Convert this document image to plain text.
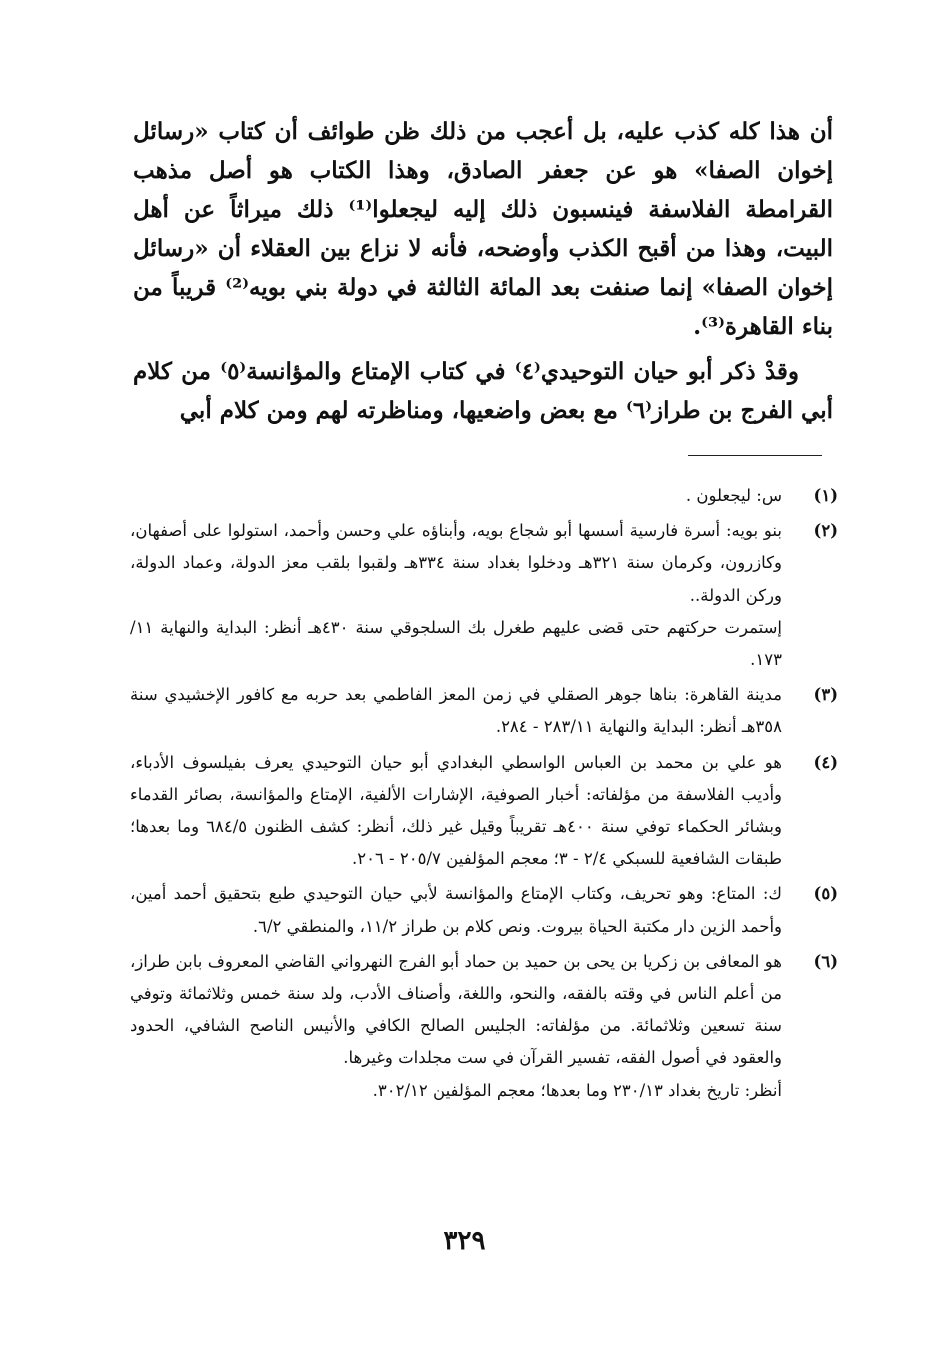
أن هذا كله كذب عليه، بل أعجب من ذلك ظن طوائف أن كتاب «رسائل إخوان الصفا» هو عن جعفر الصادق، وهذا الكتاب هو أصل مذهب القرامطة الفلاسفة فينسبون ذلك إليه ليجعلوا⁽¹⁾ ذلك ميراثاً عن أهل البيت، وهذا من أقبح الكذب وأوضحه، فأنه لا نزاع بين العقلاء أن «رسائل إخوان الصفا» إنما صنفت بعد المائة الثالثة في دولة بني بويه⁽²⁾ قريباً من بناء القاهرة⁽³⁾.

وقدْ ذكر أبو حيان التوحيدي⁽٤⁾ في كتاب الإمتاع والمؤانسة⁽٥⁾ من كلام أبي الفرج بن طراز⁽٦⁾ مع بعض واضعيها، ومناظرته لهم ومن كلام أبي

(١)

س: ليجعلون .

(٢)

بنو بويه: أسرة فارسية أسسها أبو شجاع بويه، وأبناؤه علي وحسن وأحمد، استولوا على أصفهان، وكازرون، وكرمان سنة ٣٢١هـ ودخلوا بغداد سنة ٣٣٤هـ ولقبوا بلقب معز الدولة، وعماد الدولة، وركن الدولة..

إستمرت حركتهم حتى قضى عليهم طغرل بك السلجوقي سنة ٤٣٠هـ أنظر: البداية والنهاية ١١/ ١٧٣.

(٣)

مدينة القاهرة: بناها جوهر الصقلي في زمن المعز الفاطمي بعد حربه مع كافور الإخشيدي سنة ٣٥٨هـ أنظر: البداية والنهاية ٢٨٣/١١ - ٢٨٤.

(٤)

هو علي بن محمد بن العباس الواسطي البغدادي أبو حيان التوحيدي يعرف بفيلسوف الأدباء، وأديب الفلاسفة من مؤلفاته: أخبار الصوفية، الإشارات الألفية، الإمتاع والمؤانسة، بصائر القدماء وبشائر الحكماء توفي سنة ٤٠٠هـ تقريباً وقيل غير ذلك، أنظر: كشف الظنون ٦٨٤/٥ وما بعدها؛ طبقات الشافعية للسبكي ٢/٤ - ٣؛ معجم المؤلفين ٢٠٥/٧ - ٢٠٦.

(٥)

ك: المتاع: وهو تحريف، وكتاب الإمتاع والمؤانسة لأبي حيان التوحيدي طبع بتحقيق أحمد أمين، وأحمد الزين دار مكتبة الحياة بيروت. ونص كلام بن طراز ١١/٢، والمنطقي ٦/٢.

(٦)

هو المعافى بن زكريا بن يحى بن حميد بن حماد أبو الفرج النهرواني القاضي المعروف بابن طراز، من أعلم الناس في وقته بالفقه، والنحو، واللغة، وأصناف الأدب، ولد سنة خمس وثلاثمائة وتوفي سنة تسعين وثلاثمائة. من مؤلفاته: الجليس الصالح الكافي والأنيس الناصح الشافي، الحدود والعقود في أصول الفقه، تفسير القرآن في ست مجلدات وغيرها.

أنظر: تاريخ بغداد ٢٣٠/١٣ وما بعدها؛ معجم المؤلفين ٣٠٢/١٢.

٣٢٩
